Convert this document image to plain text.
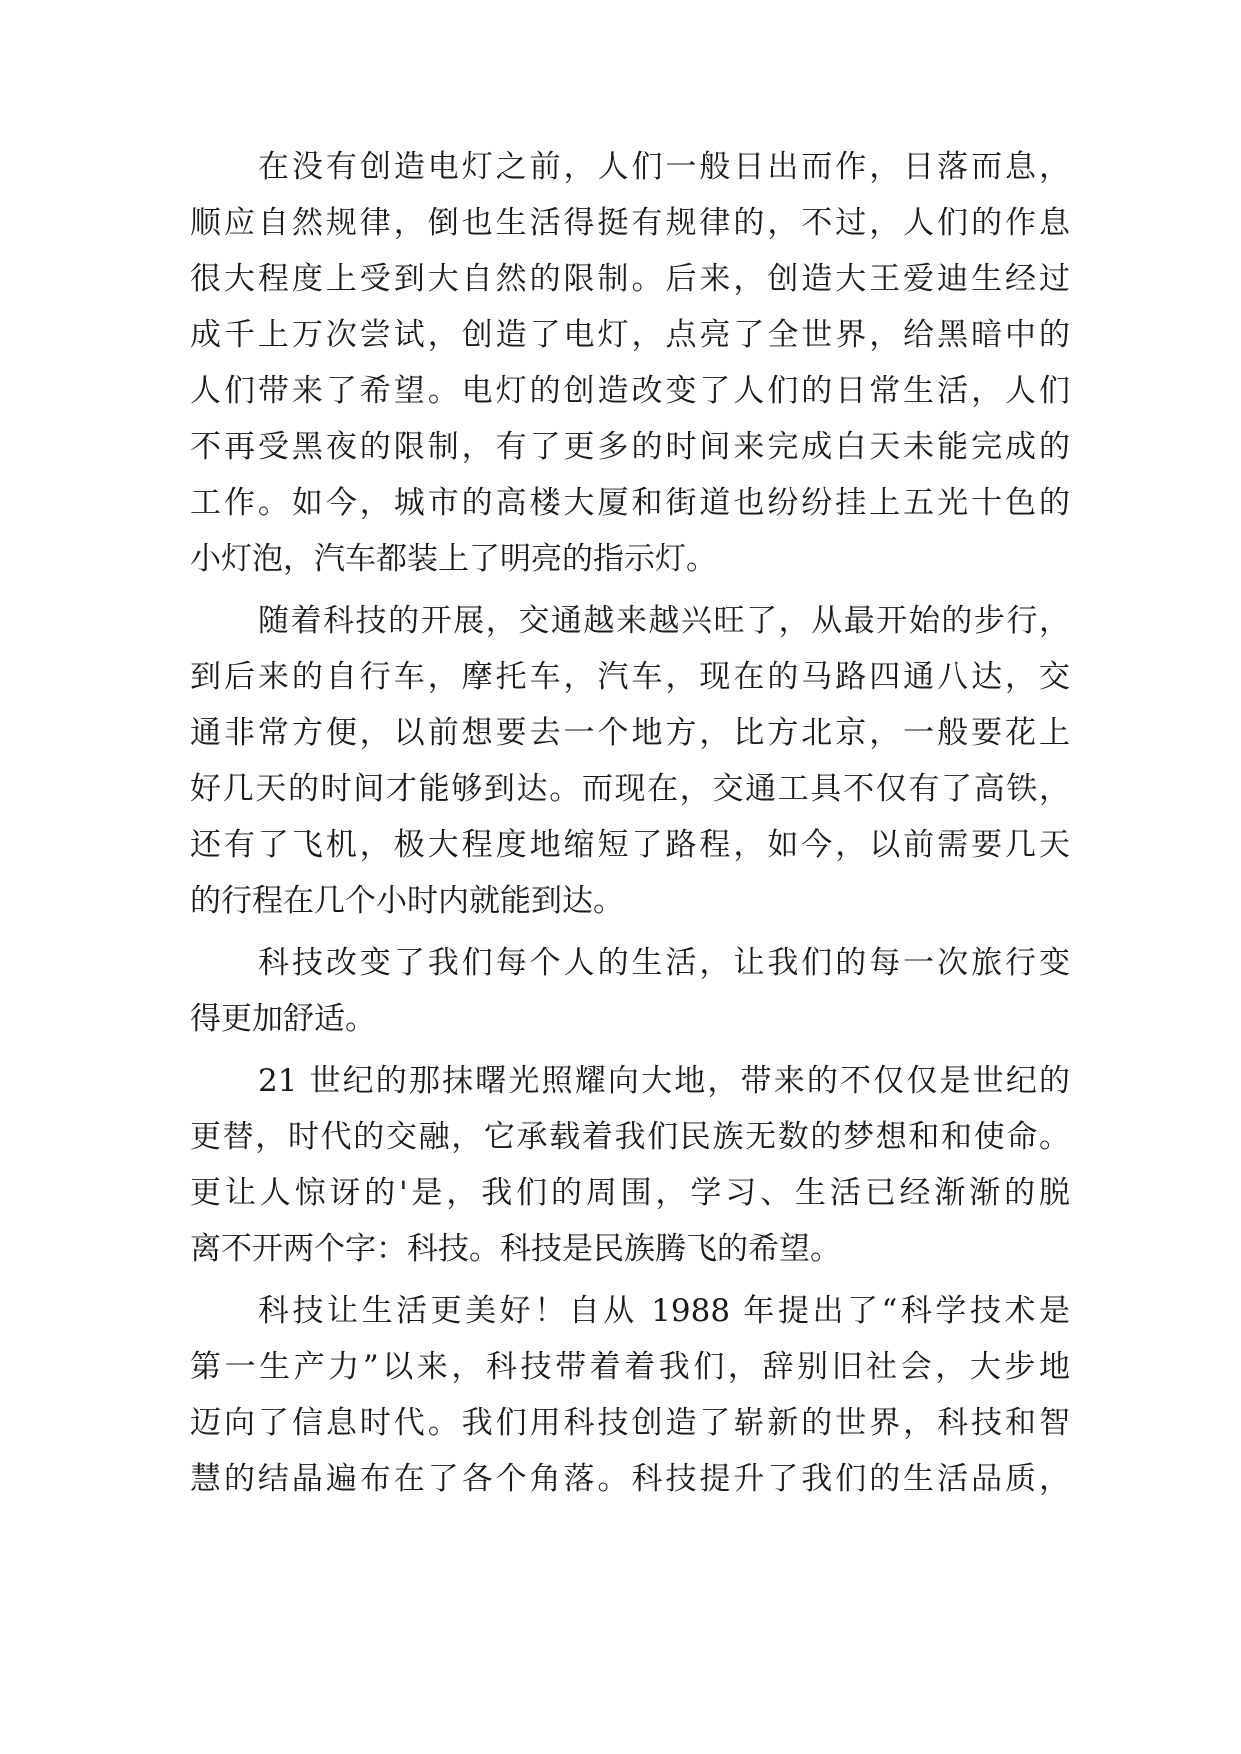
在没有创造电灯之前，人们一般日出而作，日落而息，
顺应自然规律，倒也生活得挺有规律的，不过，人们的作息
很大程度上受到大自然的限制。后来，创造大王爱迪生经过
成千上万次尝试，创造了电灯，点亮了全世界，给黑暗中的
人们带来了希望。电灯的创造改变了人们的日常生活，人们
不再受黑夜的限制，有了更多的时间来完成白天未能完成的
工作。如今，城市的高楼大厦和街道也纷纷挂上五光十色的
小灯泡，汽车都装上了明亮的指示灯。
随着科技的开展，交通越来越兴旺了，从最开始的步行，
到后来的自行车，摩托车，汽车，现在的马路四通八达，交
通非常方便，以前想要去一个地方，比方北京，一般要花上
好几天的时间才能够到达。而现在，交通工具不仅有了高铁，
还有了飞机，极大程度地缩短了路程，如今，以前需要几天
的行程在几个小时内就能到达。
科技改变了我们每个人的生活，让我们的每一次旅行变
得更加舒适。
21 世纪的那抹曙光照耀向大地，带来的不仅仅是世纪的
更替，时代的交融，它承载着我们民族无数的梦想和和使命。
更让人惊讶的'是，我们的周围，学习、生活已经渐渐的脱
离不开两个字：科技。科技是民族腾飞的希望。
科技让生活更美好！自从 1988 年提出了“科学技术是
第一生产力”以来，科技带着着我们，辞别旧社会，大步地
迈向了信息时代。我们用科技创造了崭新的世界，科技和智
慧的结晶遍布在了各个角落。科技提升了我们的生活品质，
